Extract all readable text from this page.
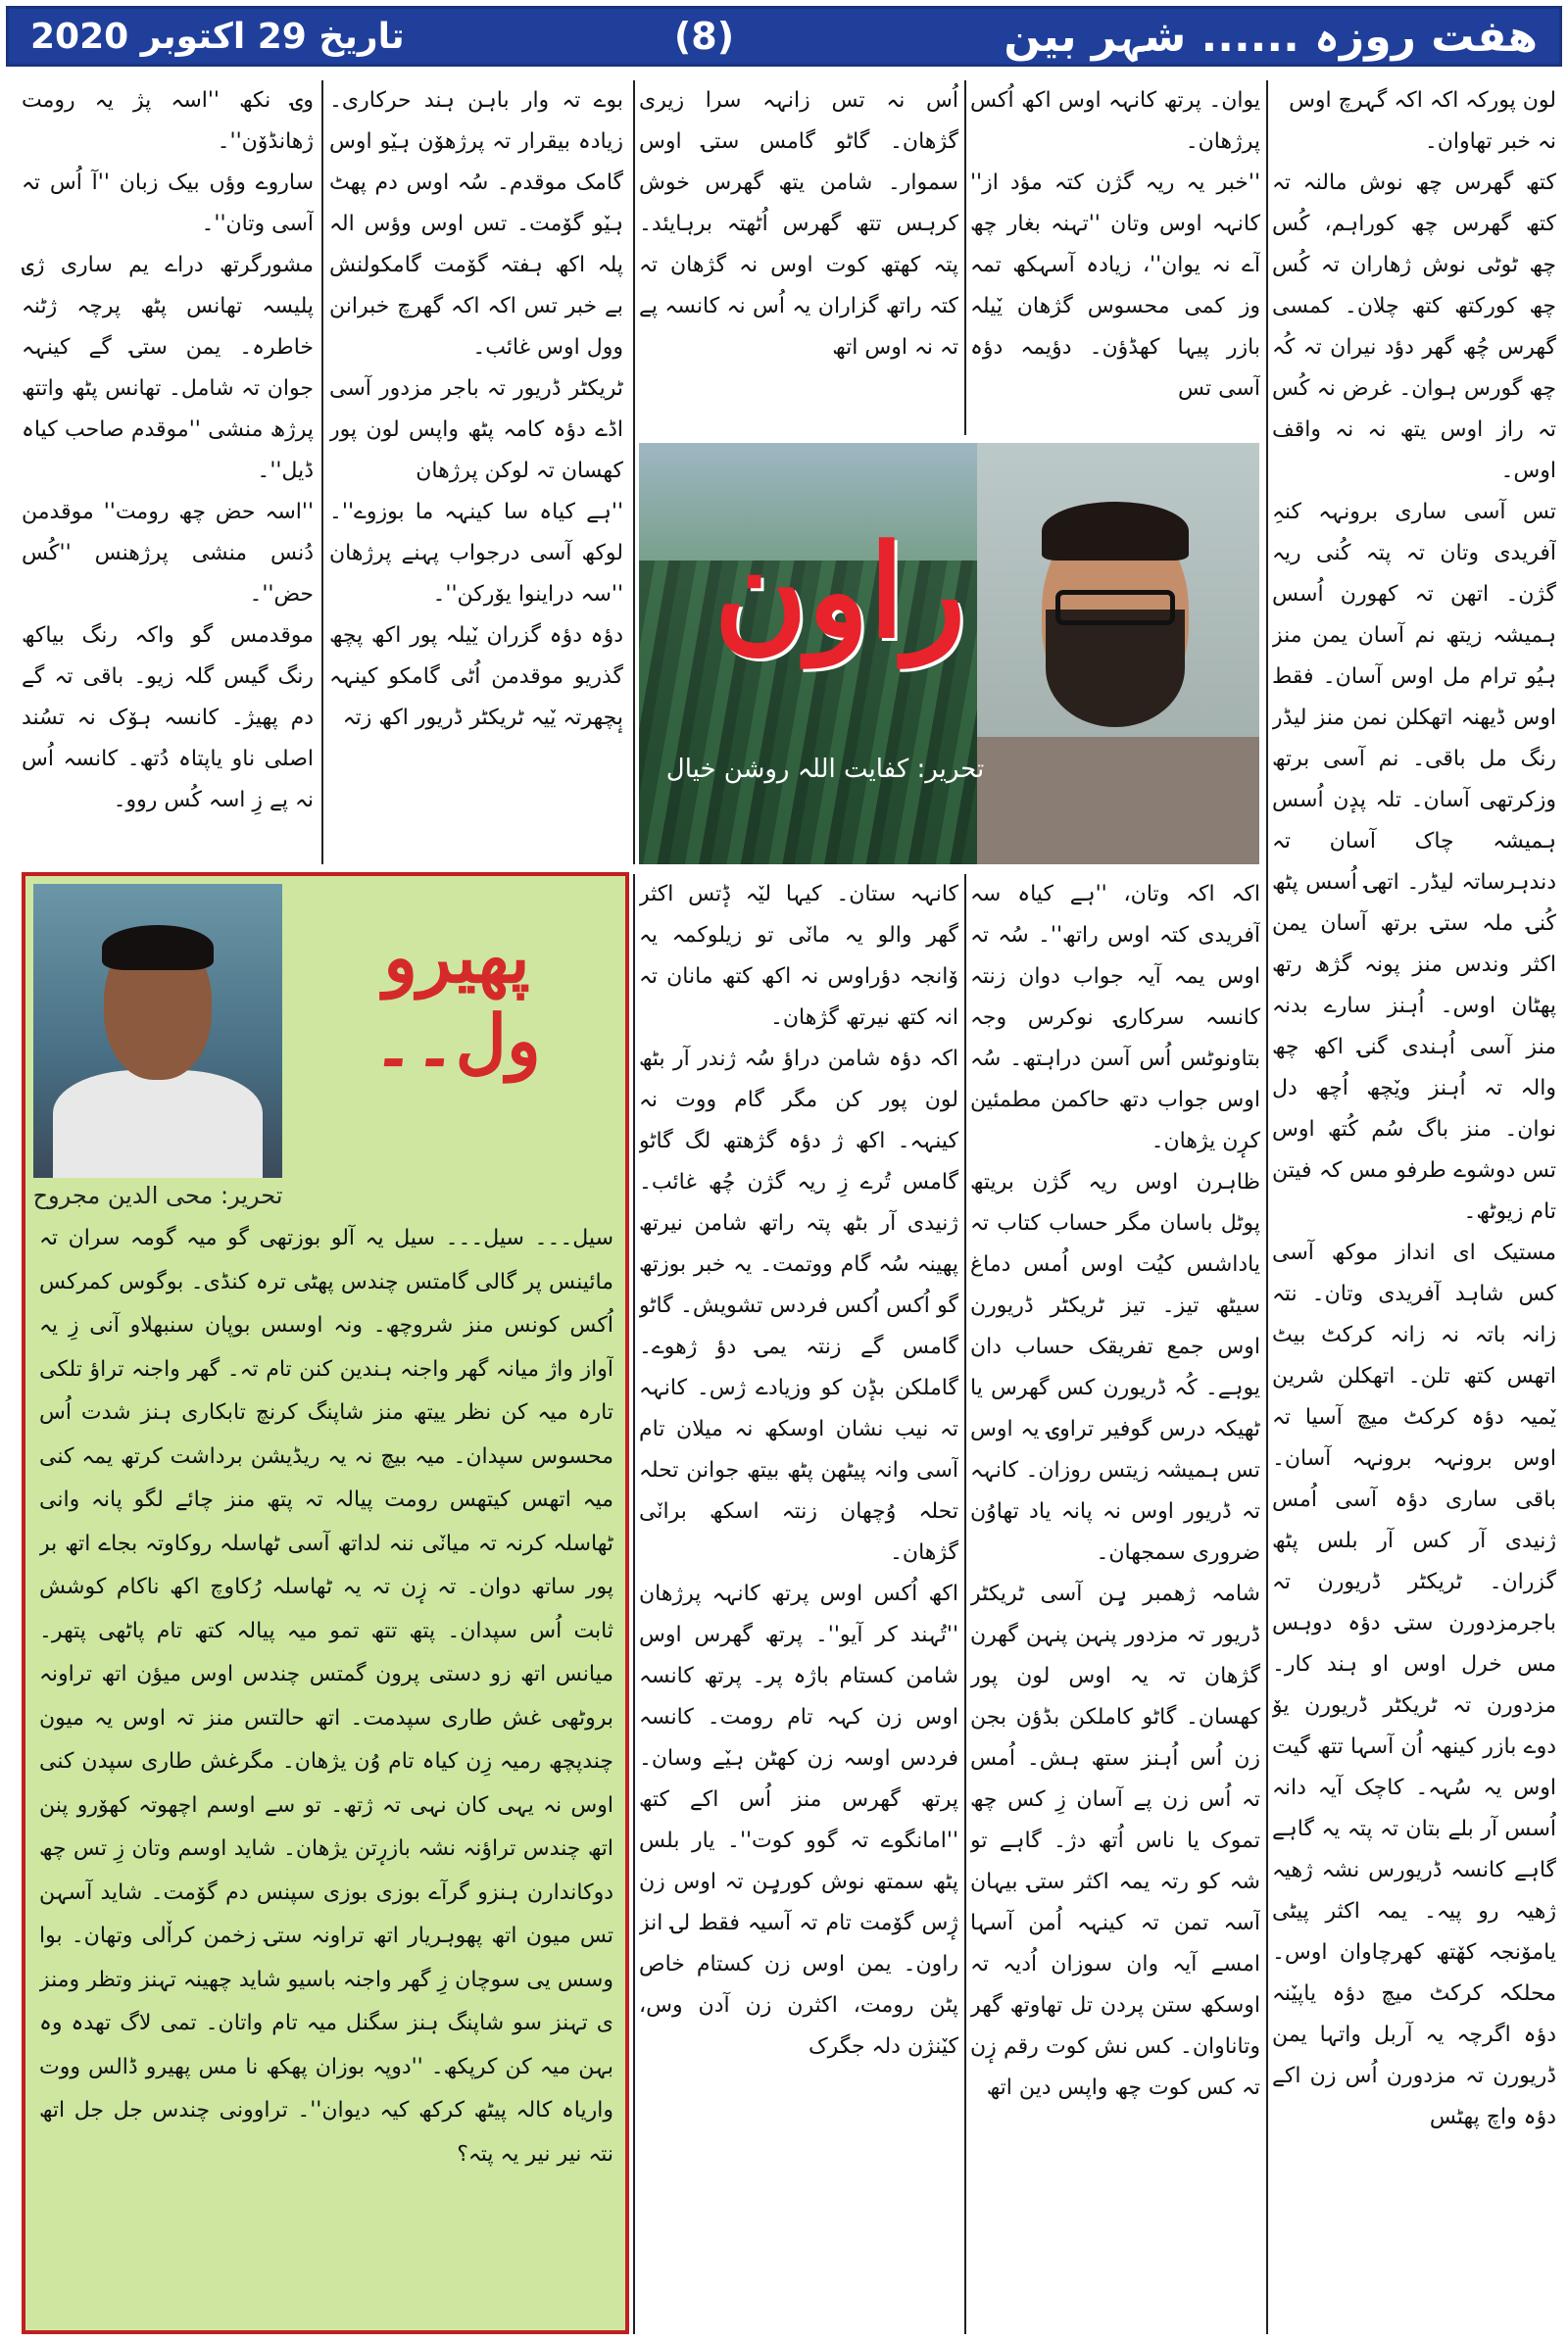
تاریخ 29 اکتوبر 2020	(8)	هفت روزہ ...... شہر بین

لون پورکہ اکہ اکہ گہرچ اوس

نہ خبر تھاوان۔

کتھ گھرس چھ نوش مالنہ تہ کتھ گھرس چھ کوراہم، کُس چھ ٹوٹی نوش ژھاران تہ کُس چھ کورکتھ کتھ چلان۔ کمسی گھرس چُھ گھر دؤد نیران تہ کُہ چھ گورس ہوان۔ غرض نہ کُس تہ راز اوس یتھ نہ نہ واقف اوس۔

تس آسی ساری برونہہ کنہِ آفریدی وتان تہ پتہ کُنی ریہ گژن۔ اتھن تہ کھورن اُسس ہمیشہ زیتھ نم آسان یمن منز ہیُو ترام مل اوس آسان۔ فقط اوس ڈیھنہ اتھکلن نمن منز لیڈر رنگ مل باقی۔ نم آسی برتھ وزکرتھی آسان۔ تلہ پدٕن اُسس ہمیشہ چاک آسان تہ دندہرساتہ لیڈر۔ اتھۍ اُسس پٹھ کُنۍ ملہ ستۍ برتھ آسان یمن اکثر وندس منز پونہ گژھ رتھ پھٹان اوس۔ اُہنز سارے بدنہ منز آسی اُہندی گنۍ اکھ چھ والہ تہ اُہنز ویٚچھ اُچھ دل نوان۔ منز باگ سُم کُتھ اوس تس دوشوے طرفو مس کہ فیتن تام زیوٹھ۔

مستیک ای انداز موکھ آسی کس شاہد آفریدی وتان۔ نتہ زانہ باتہ نہ زانہ کرکٹ بیٹ اتھس کتھ تلن۔ اتھکلن شرین یٚمیہ دؤہ کرکٹ میچ آسیا تہ اوس برونہہ برونہہ آسان۔ باقی ساری دؤہ آسی اُمس ژنیدی آر کس آر بلس پٹھ گزران۔ ٹریکٹر ڈریورن تہ باجرمزدورن ستۍ دؤہ دوہس مس خرل اوس او ہند کار۔ مزدورن تہ ٹریکٹر ڈریورن یوٚ دوے بازر کینھہ اُن آسہا تتھ گیت اوس یہ سُہہ۔ کاچک آیہ دانہ اُسس آر بلے بتان تہ پتہ یہ گاہے گاہے کانسہ ڈریورس نشہ ژھیہ ژھیہ رو پیہ۔ یمہ اکثر پیٹی یاموٚنجہ کھٚتھ کھرچاوان اوس۔ محلکہ کرکٹ میچ دؤہ یاپیٚنہ دؤہ اگرچہ یہ آربل واتہا یمن ڈریورن تہ مزدورن اُس زن اکے دؤہ واچ پھٹس

یوان۔ پرتھ کانہہ اوس اکھ اُکس پرژھان۔

''خبر یہ ریہ گژن کتہ مؤد از'' کانہہ اوس وتان ''تہنہ بغار چھ آے نہ یوان''، زیادہ آسہکھ تمہ وز کمی محسوس گژھان یٚیلہ بازر پیہا کھڈؤن۔ دؤیمہ دؤہ آسی تس

اُس نہ تس زانہہ سرا زیری گژھان۔ گاٹو گامس ستۍ اوس سموار۔ شامن یتھ گھرس خوش کرہس تتھ گھرس اُٹھتہ برہایئد۔ پتہ کھتھ کوت اوس نہ گژھان تہ کتہ راتھ گزاران یہ اُس نہ کانسہ پے تہ نہ اوس اتھ

راون
تحریر: کفایت اللہ روشن خیال

اکہ اکہ وتان، ''ہے کیاہ سہ آفریدی کتہ اوس راتھ''۔ سُہ تہ اوس یمہ آیہ جواب دوان زنتہ کانسہ سرکارۍ نوکرس وجہ بتاونوٹس اُس آسن دراہتھ۔ سُہ اوس جواب دتھ حاکمن مطمئین کرٕن یژھان۔

ظاہرن اوس ریہ گژن بریتھ پوٹل باسان مگر حساب کتاب تہ یاداشس کیُت اوس اُمس دماغ سیٹھ تیز۔ تیز ٹریکٹر ڈریورن اوس جمع تفریقک حساب دان یوہے۔ کُہ ڈریورن کس گھرس یا ٹھیکہ درس گوفیر تراوۍ یہ اوس تس ہمیشہ زیتس روزان۔ کانہہ تہ ڈریور اوس نہ پانہ یاد تھاوُن ضروری سمجھان۔

شامہ ژھمبر ہٕن آسی ٹریکٹر ڈریور تہ مزدور پنہن پنہن گھرن گژھان تہ یہ اوس لون پور کھسان۔ گاٹو کاملکن بڈؤن بجن زن اُس اُہنز ستھ ہش۔ اُمس تہ اُس زن پے آسان زِ کس چھ تموک یا ناس اُتھ دژ۔ گاہے تو شہ کو رتہ یمہ اکثر ستۍ بیہان آسہ تمن تہ کینہہ اُمن آسہا امسے آیہ وان سوزان اُدیہ تہ اوسکھ ستن پردن تل تھاوتھ گھر وتاناوان۔ کس نش کوت رقم زٕن تہ کس کوت چھ واپس دین اتھ

کانہہ ستان۔ کیہا لیٚہ ڈٕتس اکثر گھر والو یہ مانٚی تو زیلوکمہ یہ وٚانجہ دؤراوس نہ اکھ کتھ مانان تہ انہ کتھ نیرتھ گژھان۔

اکہ دؤہ شامن دراؤ سُہ ژندر آر بٹھ لون پور کن مگر گام ووت نہ کینہہ۔ اکھ ژ دؤہ گژھتھ لگ گاٹو گامس تُرے زِ ریہ گژن چُھ غائب۔ ژنیدی آر بٹھ پتہ راتھ شامن نیرتھ پھینہ سُہ گام ووتمت۔ یہ خبر بوزتھ گو اُکس اُکس فردس تشویش۔ گاٹو گامس گے زنتہ یمۍ دؤ ژھوے۔ گاملکن بڈٕن کو وزیادے ژس۔ کانہہ تہ نیب نشان اوسکھ نہ میلان تام آسی وانہ پیٹھن پٹھ بیتھ جوانن تحلہ تحلہ وُچھان زنتہ اسکھ برانٚی گژھان۔

اکھ اُکس اوس پرتھ کانہہ پرژھان ''تُہند کر آیو''۔ پرتھ گھرس اوس شامن کستام باژہ پر۔ پرتھ کانسہ اوس زن کہہ تام رومت۔ کانسہ فردس اوسہ زن کھٹن ہیٚے وسان۔ پرتھ گھرس منز اُس اکے کتھ ''امانگوے تہ گوو کوت''۔ یار بلس پٹھ سمتھ نوش کورہٕن تہ اوس زن ژٕس گوٚمت تام تہ آسیہ فقط لۍ انز راون۔ یمن اوس زن کستام خاص پٹن رومت، اکثرن زن آدن وس، کیٚنژن دلہ جگرک

بوے تہ وار باہن ہند حرکاری۔ زیادہ بیقرار تہ پرژھوٚن ہیٚو اوس گامک موقدم۔ سُہ اوس دم پھٹ ہیٚو گوٚمت۔ تس اوس وؤس الہ پلہ اکھ ہفتہ گوٚمت گامکولنش بے خبر تس اکہ اکہ گھرچ خبرانن وول اوس غائب۔

ٹریکٹر ڈریور تہ باجر مزدور آسی اڈے دؤہ کامہ پٹھ واپس لون پور کھسان تہ لوکن پرژھان

''ہے کیاہ سا کینہہ ما بوزوے''۔ لوکھ آسی درجواب پہنے پرژھان ''سہ دراینوا یوٚرکن''۔

دؤہ دؤہ گزران یٚیلہ پور اکھ پچھ گذریو موقدمن اُٹی گامکو کینہہ بٕچھرتہ یٚیہ ٹریکٹر ڈریور اکھ زتہ

وۍ نکھ ''اسہ پژ یہ رومت ژھانڈوٚن''۔

ساروے وؤں بیک زبان ''آ اُس تہ آسی وتان''۔

مشورگرتھ دراے یم ساری ژۍ پلیسہ تھانس پٹھ پرچہ ژٹنہ خاطرہ۔ یمن ستۍ گے کینہہ جوان تہ شامل۔ تھانس پٹھ واتتھ پرژھ منشی ''موقدم صاحب کیاہ ڈیل''۔

''اسہ حض چھ رومت'' موقدمن دُنس منشی پرژھنس ''کُس حض''۔

موقدمس گو واکہ رنگ بیاکھ رنگ گیس گلہ زیو۔ باقی تہ گے دم پھیژ۔ کانسہ ہوٚک نہ تسُند اصلی ناو یاپتاہ دُتھ۔ کانسہ اُس نہ پے زِ اسہ کُس روو۔

پھیرو ول۔۔
تحریر: محی الدین مجروح

سیل۔۔۔ سیل۔۔۔ سیل یہ آلو بوزتھی گو میہ گومہ سران تہ مائینس پر گالی گامتس چندس پھٹی ترہ کنڈی۔ بوگوس کمرکس اُکس کونس منز شروچھ۔ ونہ اوسس بوپان سنبھلاو آنی زِ یہ آواز واژ میانہ گھر واجنہ ہندین کنن تام تہ۔ گھر واجنہ تراؤ تلکی تارہ میہ کن نظر ییتھ منز شاپنگ کرنچ تابکاری ہنز شدت اُس محسوس سپدان۔ میہ بیچ نہ یہ ریڈیشن برداشت کرتھ یمہ کنی میہ اتھس کیتھس رومت پیالہ تہ پتھ منز چائے لگو پانہ وانی ٹھاسلہ کرنہ تہ میانٚی ننہ لداتھ آسی ٹھاسلہ روکاوتہ بجاے اتھ بر پور ساتھ دوان۔ تہ زٕن تہ یہ ٹھاسلہ رُکاوچ اکھ ناکام کوشش ثابت اُس سپدان۔ پتھ تتھ تمو میہ پیالہ کتھ تام پاٹھی پتھر۔ میانس اتھ زو دستی پرون گمتس چندس اوس میؤن اتھ تراونہ بروٹھی غش طاری سپدمت۔ اتھ حالتس منز تہ اوس یہ میون چندپچھ رمیہ زِن کیاہ تام وُن یژھان۔ مگرغش طاری سپدن کنی اوس نہ یہی کان نہی تہ ژتھ۔ تو سے اوسم اچھوتہ کھوٚرو پنن اتھ چندس تراؤنہ نشہ بازرٕتن یژھان۔ شاید اوسم وتان زِ تس چھ دوکاندارن ہنزو گرآے بوزی بوزی سپنس دم گوٚمت۔ شاید آسہن تس میون اتھ پھوہریار اتھ تراونہ ستۍ زخمن کراٚلی وتھان۔ بوا وسس یی سوچان زِ گھر واجنہ باسیو شاید چھینہ تہنز وتظر ومنز ی تہنز سو شاپنگ ہنز سگنل میہ تام واتان۔ تمی لاگ تھدہ وہ بہن میہ کن کرپکھ۔ ''دوپہ بوزان پھکھ نا مس پھیرو ڈالس ووت واریاہ کالہ پیٹھ کرکھ کیہ دیوان''۔ تراوونی چندس جل جل اتھ نتہ نیر نیر یہ پتہ؟
